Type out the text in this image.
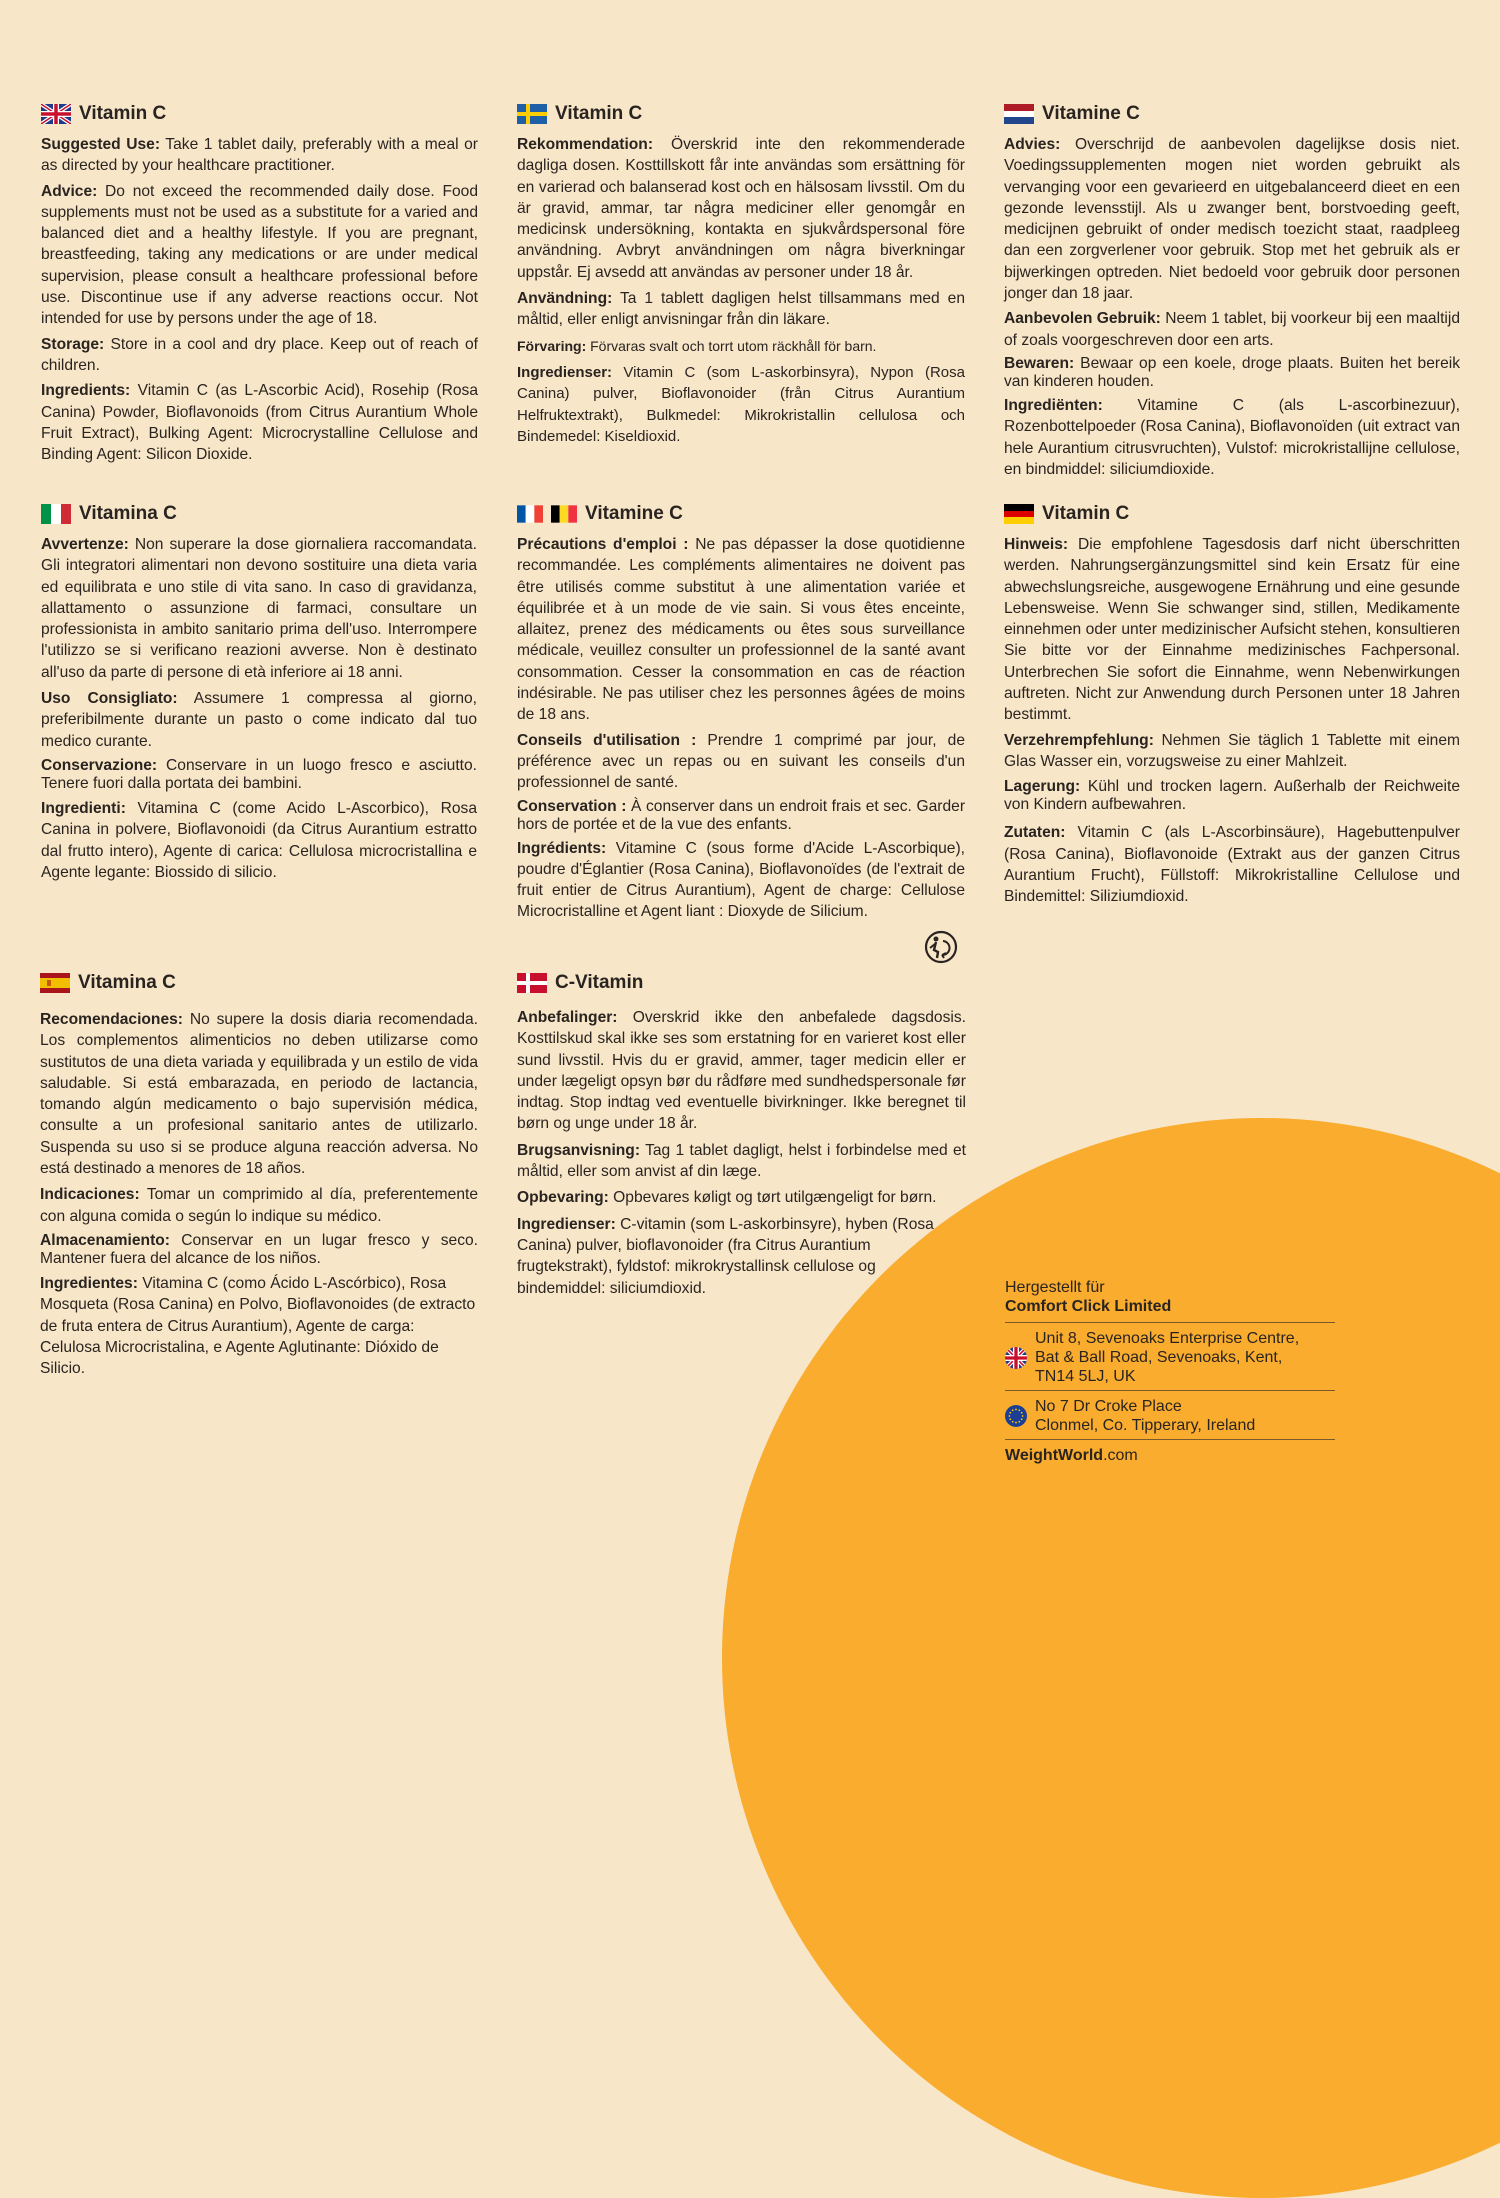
Vitamin C

Suggested Use: Take 1 tablet daily, preferably with a meal or as directed by your healthcare practitioner.

Advice: Do not exceed the recommended daily dose. Food supplements must not be used as a substitute for a varied and balanced diet and a healthy lifestyle. If you are pregnant, breastfeeding, taking any medications or are under medical supervision, please consult a healthcare professional before use. Discontinue use if any adverse reactions occur. Not intended for use by persons under the age of 18.

Storage: Store in a cool and dry place. Keep out of reach of children.

Ingredients: Vitamin C (as L-Ascorbic Acid), Rosehip (Rosa Canina) Powder, Bioflavonoids (from Citrus Aurantium Whole Fruit Extract), Bulking Agent: Microcrystalline Cellulose and Binding Agent: Silicon Dioxide.

Vitamin C

Rekommendation: Överskrid inte den rekommenderade dagliga dosen. Kosttillskott får inte användas som ersättning för en varierad och balanserad kost och en hälsosam livsstil. Om du är gravid, ammar, tar några mediciner eller genomgår en medicinsk undersökning, kontakta en sjukvårdspersonal före användning. Avbryt användningen om några biverkningar uppstår. Ej avsedd att användas av personer under 18 år.

Användning: Ta 1 tablett dagligen helst tillsammans med en måltid, eller enligt anvisningar från din läkare.

Förvaring: Förvaras svalt och torrt utom räckhåll för barn.

Ingredienser: Vitamin C (som L-askorbinsyra), Nypon (Rosa Canina) pulver, Bioflavonoider (från Citrus Aurantium Helfruktextrakt), Bulkmedel: Mikrokristallin cellulosa och Bindemedel: Kiseldioxid.

Vitamine C

Advies: Overschrijd de aanbevolen dagelijkse dosis niet. Voedingssupplementen mogen niet worden gebruikt als vervanging voor een gevarieerd en uitgebalanceerd dieet en een gezonde levensstijl. Als u zwanger bent, borstvoeding geeft, medicijnen gebruikt of onder medisch toezicht staat, raadpleeg dan een zorgverlener voor gebruik. Stop met het gebruik als er bijwerkingen optreden. Niet bedoeld voor gebruik door personen jonger dan 18 jaar.

Aanbevolen Gebruik: Neem 1 tablet, bij voorkeur bij een maaltijd of zoals voorgeschreven door een arts.

Bewaren: Bewaar op een koele, droge plaats. Buiten het bereik van kinderen houden.

Ingrediënten: Vitamine C (als L-ascorbinezuur), Rozenbottelpoeder (Rosa Canina), Bioflavonoïden (uit extract van hele Aurantium citrusvruchten), Vulstof: microkristallijne cellulose, en bindmiddel: siliciumdioxide.

Vitamina C

Avvertenze: Non superare la dose giornaliera raccomandata. Gli integratori alimentari non devono sostituire una dieta varia ed equilibrata e uno stile di vita sano. In caso di gravidanza, allattamento o assunzione di farmaci, consultare un professionista in ambito sanitario prima dell'uso. Interrompere l'utilizzo se si verificano reazioni avverse. Non è destinato all'uso da parte di persone di età inferiore ai 18 anni.

Uso Consigliato: Assumere 1 compressa al giorno, preferibilmente durante un pasto o come indicato dal tuo medico curante.

Conservazione: Conservare in un luogo fresco e asciutto. Tenere fuori dalla portata dei bambini.

Ingredienti: Vitamina C (come Acido L-Ascorbico), Rosa Canina in polvere, Bioflavonoidi (da Citrus Aurantium estratto dal frutto intero), Agente di carica: Cellulosa microcristallina e Agente legante: Biossido di silicio.

Vitamine C

Précautions d'emploi : Ne pas dépasser la dose quotidienne recommandée. Les compléments alimentaires ne doivent pas être utilisés comme substitut à une alimentation variée et équilibrée et à un mode de vie sain. Si vous êtes enceinte, allaitez, prenez des médicaments ou êtes sous surveillance médicale, veuillez consulter un professionnel de la santé avant consommation. Cesser la consommation en cas de réaction indésirable. Ne pas utiliser chez les personnes âgées de moins de 18 ans.

Conseils d'utilisation : Prendre 1 comprimé par jour, de préférence avec un repas ou en suivant les conseils d'un professionnel de santé.

Conservation : À conserver dans un endroit frais et sec. Garder hors de portée et de la vue des enfants.

Ingrédients: Vitamine C (sous forme d'Acide L-Ascorbique), poudre d'Églantier (Rosa Canina), Bioflavonoïdes (de l'extrait de fruit entier de Citrus Aurantium), Agent de charge: Cellulose Microcristalline et Agent liant : Dioxyde de Silicium.

Vitamin C

Hinweis: Die empfohlene Tagesdosis darf nicht überschritten werden. Nahrungsergänzungsmittel sind kein Ersatz für eine abwechslungsreiche, ausgewogene Ernährung und eine gesunde Lebensweise. Wenn Sie schwanger sind, stillen, Medikamente einnehmen oder unter medizinischer Aufsicht stehen, konsultieren Sie bitte vor der Einnahme medizinisches Fachpersonal. Unterbrechen Sie sofort die Einnahme, wenn Nebenwirkungen auftreten. Nicht zur Anwendung durch Personen unter 18 Jahren bestimmt.

Verzehrempfehlung: Nehmen Sie täglich 1 Tablette mit einem Glas Wasser ein, vorzugsweise zu einer Mahlzeit.

Lagerung: Kühl und trocken lagern. Außerhalb der Reichweite von Kindern aufbewahren.

Zutaten: Vitamin C (als L-Ascorbinsäure), Hagebuttenpulver (Rosa Canina), Bioflavonoide (Extrakt aus der ganzen Citrus Aurantium Frucht), Füllstoff: Mikrokristalline Cellulose und Bindemittel: Siliziumdioxid.

Vitamina C

Recomendaciones: No supere la dosis diaria recomendada. Los complementos alimenticios no deben utilizarse como sustitutos de una dieta variada y equilibrada y un estilo de vida saludable. Si está embarazada, en periodo de lactancia, tomando algún medicamento o bajo supervisión médica, consulte a un profesional sanitario antes de utilizarlo. Suspenda su uso si se produce alguna reacción adversa. No está destinado a menores de 18 años.

Indicaciones: Tomar un comprimido al día, preferentemente con alguna comida o según lo indique su médico.

Almacenamiento: Conservar en un lugar fresco y seco. Mantener fuera del alcance de los niños.

Ingredientes: Vitamina C (como Ácido L-Ascórbico), Rosa Mosqueta (Rosa Canina) en Polvo, Bioflavonoides (de extracto de fruta entera de Citrus Aurantium), Agente de carga: Celulosa Microcristalina, e Agente Aglutinante: Dióxido de Silicio.

C-Vitamin

Anbefalinger: Overskrid ikke den anbefalede dagsdosis. Kosttilskud skal ikke ses som erstatning for en varieret kost eller sund livsstil. Hvis du er gravid, ammer, tager medicin eller er under lægeligt opsyn bør du rådføre med sundhedspersonale før indtag. Stop indtag ved eventuelle bivirkninger. Ikke beregnet til børn og unge under 18 år.

Brugsanvisning: Tag 1 tablet dagligt, helst i forbindelse med et måltid, eller som anvist af din læge.

Opbevaring: Opbevares køligt og tørt utilgængeligt for børn.

Ingredienser: C-vitamin (som L-askorbinsyre), hyben (Rosa Canina) pulver, bioflavonoider (fra Citrus Aurantium frugtekstrakt), fyldstof: mikrokrystallinsk cellulose og bindemiddel: siliciumdioxid.	Hergestellt für

Comfort Click Limited

Unit 8, Sevenoaks Enterprise Centre,
Bat & Ball Road, Sevenoaks, Kent,
TN14 5LJ, UK
No 7 Dr Croke Place
Clonmel, Co. Tipperary, Ireland
WeightWorld.com
